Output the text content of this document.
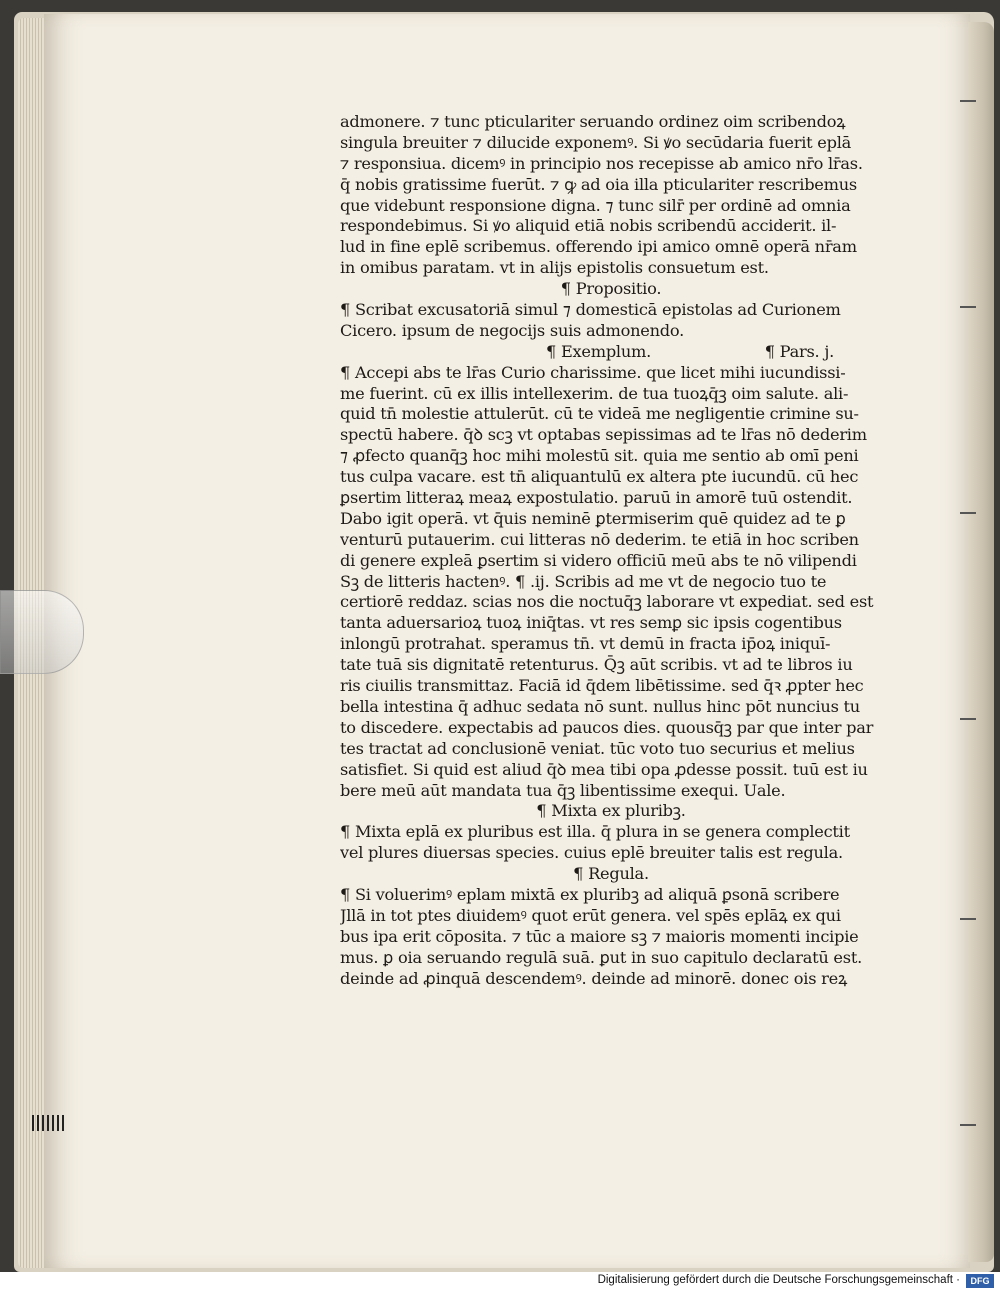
admonere. ⁊ tunc pticulariter seruando ordinez oim scribendoꝝ
singula breuiter ⁊ dilucide exponemꝰ. Si ꝟo secūdaria fuerit eplā
⁊ responsiua. dicemꝰ in principio nos recepisse ab amico nr̄o lr̄as.
q̄ nobis gratissime fuerūt. ⁊ ꝙ ad oia illa pticulariter rescribemus
que videbunt responsione digna. ⁊ tunc silr̄ per ordinē ad omnia
respondebimus. Si ꝟo aliquid etiā nobis scribendū acciderit. il-
lud in fine eplē scribemus. offerendo ipi amico omnē operā nr̄am
in omibus paratam. vt in alijs epistolis consuetum est.
¶ Propositio.
¶ Scribat excusatoriā simul ⁊ domesticā epistolas ad Curionem
Cicero. ipsum de negocijs suis admonendo.
¶ Exemplum.	¶ Pars. j.
¶ Accepi abs te lr̄as Curio charissime. que licet mihi iucundissi-
me fuerint. cū ex illis intellexerim. de tua tuoꝝq̄ꝫ oim salute. ali-
quid tn̄ molestie attulerūt. cū te videā me negligentie crimine su-
spectū habere. q̄ꝺ scꝫ vt optabas sepissimas ad te lr̄as nō dederim
⁊ ꝓfecto quanq̄ꝫ hoc mihi molestū sit. quia me sentio ab omī peni
tus culpa vacare. est tn̄ aliquantulū ex altera pte iucundū. cū hec
ꝑsertim litteraꝝ meaꝝ expostulatio. paruū in amorē tuū ostendit.
Dabo igit operā. vt q̄uis neminē ꝑtermiserim quē quidez ad te ꝑ
venturū putauerim. cui litteras nō dederim. te etiā in hoc scriben
di genere expleā ꝑsertim si videro officiū meū abs te nō vilipendi
Sꝫ de litteris hactenꝰ. ¶ .ij. Scribis ad me vt de negocio tuo te
certiorē reddaz. scias nos die noctuq̄ꝫ laborare vt expediat. sed est
tanta aduersarioꝝ tuoꝝ iniq̄tas. vt res semꝑ sic ipsis cogentibus
inlongū protrahat. speramus tn̄. vt demū in fracta ip̄oꝝ iniquī-
tate tuā sis dignitatē retenturus. Q̄ꝫ aūt scribis. vt ad te libros iu
ris ciuilis transmittaz. Faciā id q̄dem libētissime. sed q̄ꝛ ꝓpter hec
bella intestina q̄ adhuc sedata nō sunt. nullus hinc pōt nuncius tu
to discedere. expectabis ad paucos dies. quousq̄ꝫ par que inter par
tes tractat ad conclusionē veniat. tūc voto tuo securius et melius
satisfiet. Si quid est aliud q̄ꝺ mea tibi opa ꝓdesse possit. tuū est iu
bere meū aūt mandata tua q̄ꝫ libentissime exequi. Uale.
¶ Mixta ex pluribꝫ.
¶ Mixta eplā ex pluribus est illa. q̄ plura in se genera complectit
vel plures diuersas species. cuius eplē breuiter talis est regula.
¶ Regula.
¶ Si voluerimꝰ eplam mixtā ex pluribꝫ ad aliquā ꝑsonā scribere
Jllā in tot ptes diuidemꝰ quot erūt genera. vel spēs eplāꝝ ex qui
bus ipa erit cōposita. ⁊ tūc a maiore sꝫ ⁊ maioris momenti incipie
mus. ꝑ oia seruando regulā suā. ꝑut in suo capitulo declaratū est.
deinde ad ꝓinquā descendemꝰ. deinde ad minorē. donec ois reꝝ
Digitalisierung gefördert durch die Deutsche Forschungsgemeinschaft ·	DFG
